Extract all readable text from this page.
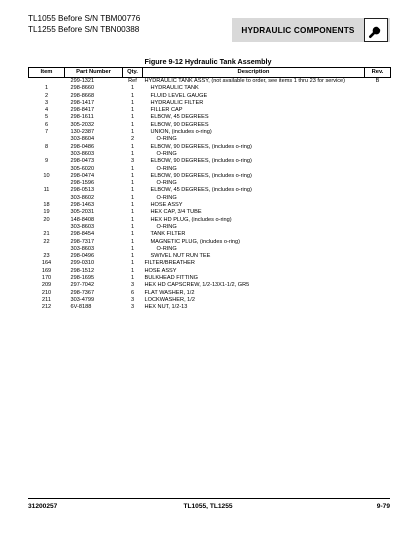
TL1055 Before S/N TBM00776
TL1255 Before S/N TBN00388	HYDRAULIC COMPONENTS
Figure 9-12 Hydraulic Tank Assembly
Item	Part Number	Qty.	Description	Rev.
	299-1321	Ref	HYDRAULIC TANK ASSY, (not available to order, see items 1 thru 23 for service)	B
1	298-8660	1	HYDRAULIC TANK	
2	298-8668	1	FLUID LEVEL GAUGE	
3	298-1417	1	HYDRAULIC FILTER	
4	298-8417	1	FILLER CAP	
5	298-1611	1	ELBOW, 45 DEGREES	
6	305-2032	1	ELBOW, 90 DEGREES	
7	130-2387	1	UNION, (includes o-ring)	
	303-8604	2	O-RING	
8	298-0486	1	ELBOW, 90 DEGREES, (includes o-ring)	
	303-8603	1	O-RING	
9	298-0473	3	ELBOW, 90 DEGREES, (includes o-ring)	
	305-6020	1	O-RING	
10	298-0474	1	ELBOW, 90 DEGREES, (includes o-ring)	
	298-1596	1	O-RING	
11	298-0513	1	ELBOW, 45 DEGREES, (includes o-ring)	
	303-8602	1	O-RING	
18	298-1463	1	HOSE ASSY	
19	305-2031	1	HEX CAP, 3/4 TUBE	
20	148-8408	1	HEX HD PLUG, (includes o-ring)	
	303-8603	1	O-RING	
21	298-8454	1	TANK FILTER	
22	298-7317	1	MAGNETIC PLUG, (includes o-ring)	
	303-8603	1	O-RING	
23	298-0496	1	SWIVEL NUT RUN TEE	
164	299-0310	1	FILTER/BREATHER	
169	298-1512	1	HOSE ASSY	
170	298-1695	1	BULKHEAD FITTING	
209	297-7042	3	HEX HD CAPSCREW, 1/2-13X1-1/2, GR5	
210	298-7367	6	FLAT WASHER, 1/2	
211	303-4799	3	LOCKWASHER, 1/2	
212	6V-8188	3	HEX NUT, 1/2-13	
31200257	TL1055, TL1255	9-79
